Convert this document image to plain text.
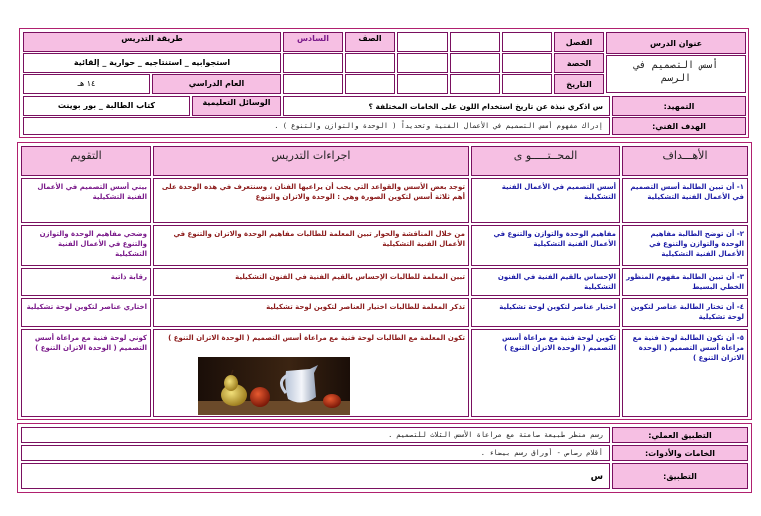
عنوان الدرس
أسس التصميم في الرسم
الفصل
الحصة
التاريخ
الصف
السادس
طريقة التدريس
استجوابيه _ استنتاجيه _ حوارية _ إلقائية
العام الدراسي
١٤ هـ
التمهيد:
س اذكري نبذة عن تاريخ استخدام اللون على الخامات المختلفة ؟
الوسائل التعليمية
كتاب الطالبة _ بور بوينت
الهدف الفني:
إدراك مفهوم أسس التصميم في الأعمال الفنية وتحديداً ( الوحدة والتوازن والتنوع ) .
الأهـــداف
المحــتـــــو ى
اجراءات التدريس
التقويم
١- أن تبين الطالبة أسس التصميم في الأعمال الفنية التشكيلية
أسس التصميم في الأعمال الفنية التشكيلية
توجد بعض الأسس والقواعد التي يجب أن يراعيها الفنان ، وسنتعرف في هذه الوحدة على أهم ثلاثة أسس لتكوين الصورة وهي : الوحدة والاتزان والتنوع
بيني أسس التصميم في الأعمال الفنية التشكيلية
٢- أن توضح الطالبة مفاهيم الوحدة والتوازن والتنوع في الأعمال الفنية التشكيلية
مفاهيم الوحدة والتوازن والتنوع في الأعمال الفنية التشكيلية
من خلال المناقشة والحوار تبين المعلمة للطالبات مفاهيم الوحدة والاتزان والتنوع في الأعمال الفنية التشكيلية
وضحي مفاهيم الوحدة والتوازن والتنوع في الأعمال الفنية التشكيلية
٣- أن تبين الطالبة مفهوم المنظور الخطي البسيط
الإحساس بالقيم الفنية في الفنون التشكيلية
تبين المعلمة للطالبات الإحساس بالقيم الفنية في الفنون التشكيلية
رقابة ذاتية
٤- أن تختار الطالبة عناصر لتكوين لوحة تشكيلية
اختيار عناصر لتكوين لوحة تشكيلية
تذكر المعلمة للطالبات اختيار العناصر لتكوين لوحة تشكيلية
اختاري عناصر لتكوين لوحة تشكيلية
٥- أن تكون الطالبة لوحة فنية مع مراعاة أسس التصميم ( الوحدة الاتزان التنوع )
تكوين لوحة فنية مع مراعاة أسس التصميم ( الوحدة الاتزان التنوع )
تكون المعلمة مع الطالبات لوحة فنية مع مراعاة أسس التصميم ( الوحدة الاتزان التنوع )
كوني لوحة فنية مع مراعاة أسس التصميم ( الوحدة الاتزان التنوع )
التطبيق العملي:
رسم منظر طبيعة صامتة مع مراعاة الأسس الثلاث للتصميم .
الخامات والأدوات:
أقلام رصاص - أوراق رسم بيضاء .
التطبيق:
س
